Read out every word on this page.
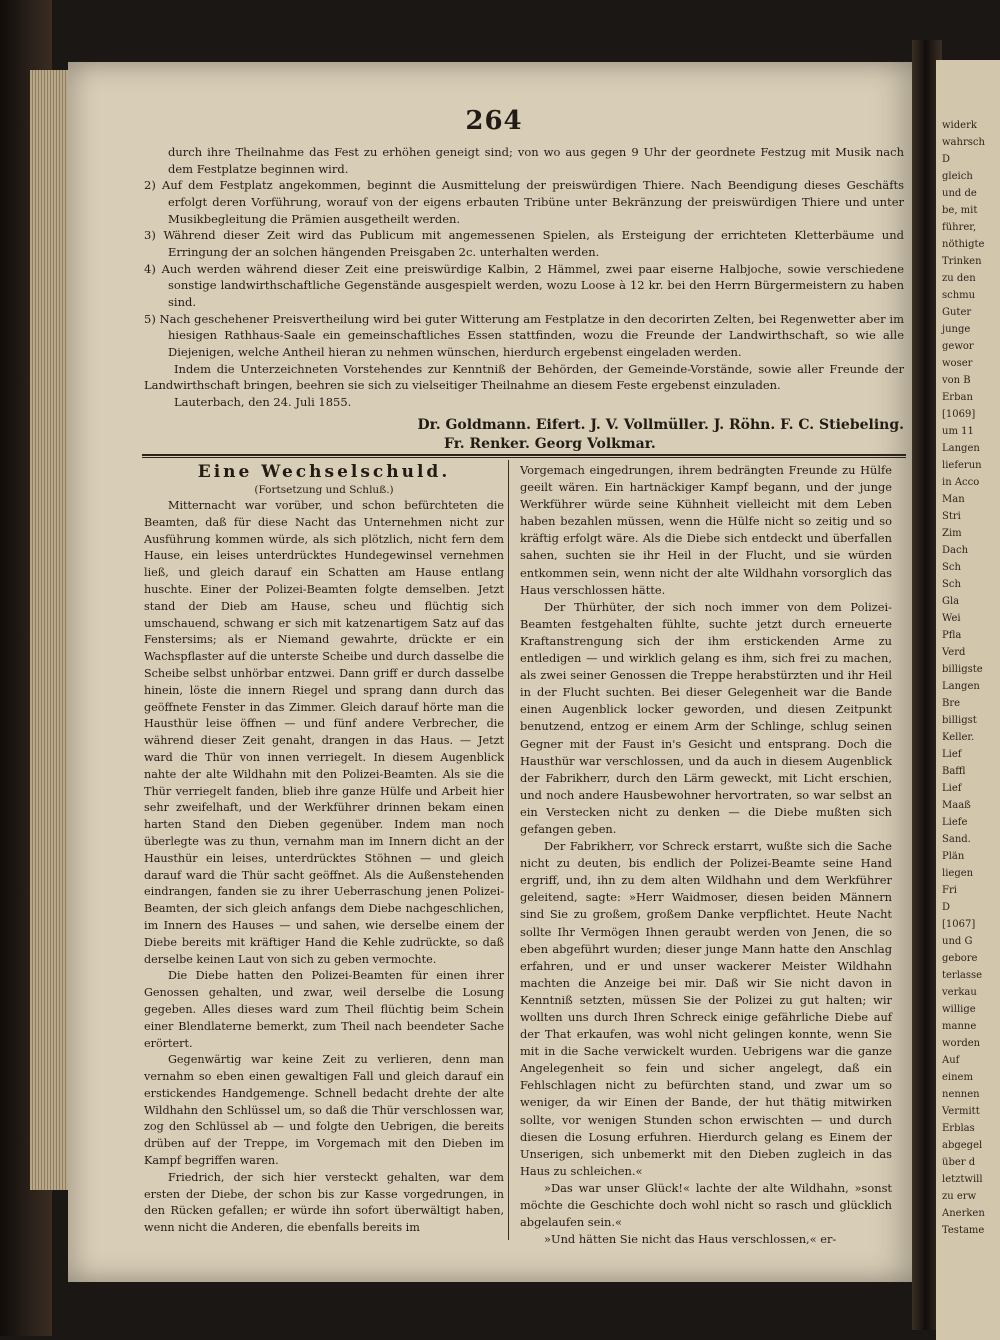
264

durch ihre Theilnahme das Fest zu erhöhen geneigt sind; von wo aus gegen 9 Uhr der geordnete Festzug mit Musik nach dem Festplatze beginnen wird.

2) Auf dem Festplatz angekommen, beginnt die Ausmittelung der preiswürdigen Thiere. Nach Beendigung dieses Geschäfts erfolgt deren Vorführung, worauf von der eigens erbauten Tribüne unter Bekränzung der preiswürdigen Thiere und unter Musikbegleitung die Prämien ausgetheilt werden.

3) Während dieser Zeit wird das Publicum mit angemessenen Spielen, als Ersteigung der errichteten Kletterbäume und Erringung der an solchen hängenden Preisgaben 2c. unterhalten werden.

4) Auch werden während dieser Zeit eine preiswürdige Kalbin, 2 Hämmel, zwei paar eiserne Halbjoche, sowie verschiedene sonstige landwirthschaftliche Gegenstände ausgespielt werden, wozu Loose à 12 kr. bei den Herrn Bürgermeistern zu haben sind.

5) Nach geschehener Preisvertheilung wird bei guter Witterung am Festplatze in den decorirten Zelten, bei Regenwetter aber im hiesigen Rathhaus-Saale ein gemeinschaftliches Essen stattfinden, wozu die Freunde der Landwirthschaft, so wie alle Diejenigen, welche Antheil hieran zu nehmen wünschen, hierdurch ergebenst eingeladen werden.

Indem die Unterzeichneten Vorstehendes zur Kenntniß der Behörden, der Gemeinde-Vorstände, sowie aller Freunde der Landwirthschaft bringen, beehren sie sich zu vielseitiger Theilnahme an diesem Feste ergebenst einzuladen.

Lauterbach, den 24. Juli 1855.

Dr. Goldmann. Eifert. J. V. Vollmüller. J. Röhn. F. C. Stiebeling.
Fr. Renker. Georg Volkmar.
Eine Wechselschuld.
(Fortsetzung und Schluß.)

Mitternacht war vorüber, und schon befürchteten die Beamten, daß für diese Nacht das Unternehmen nicht zur Ausführung kommen würde, als sich plötzlich, nicht fern dem Hause, ein leises unterdrücktes Hundegewinsel vernehmen ließ, und gleich darauf ein Schatten am Hause entlang huschte. Einer der Polizei-Beamten folgte demselben. Jetzt stand der Dieb am Hause, scheu und flüchtig sich umschauend, schwang er sich mit katzenartigem Satz auf das Fenstersims; als er Niemand gewahrte, drückte er ein Wachspflaster auf die unterste Scheibe und durch dasselbe die Scheibe selbst unhörbar entzwei. Dann griff er durch dasselbe hinein, löste die innern Riegel und sprang dann durch das geöffnete Fenster in das Zimmer. Gleich darauf hörte man die Hausthür leise öffnen — und fünf andere Verbrecher, die während dieser Zeit genaht, drangen in das Haus. — Jetzt ward die Thür von innen verriegelt. In diesem Augenblick nahte der alte Wildhahn mit den Polizei-Beamten. Als sie die Thür verriegelt fanden, blieb ihre ganze Hülfe und Arbeit hier sehr zweifelhaft, und der Werkführer drinnen bekam einen harten Stand den Dieben gegenüber. Indem man noch überlegte was zu thun, vernahm man im Innern dicht an der Hausthür ein leises, unterdrücktes Stöhnen — und gleich darauf ward die Thür sacht geöffnet. Als die Außenstehenden eindrangen, fanden sie zu ihrer Ueberraschung jenen Polizei-Beamten, der sich gleich anfangs dem Diebe nachgeschlichen, im Innern des Hauses — und sahen, wie derselbe einem der Diebe bereits mit kräftiger Hand die Kehle zudrückte, so daß derselbe keinen Laut von sich zu geben vermochte.

Die Diebe hatten den Polizei-Beamten für einen ihrer Genossen gehalten, und zwar, weil derselbe die Losung gegeben. Alles dieses ward zum Theil flüchtig beim Schein einer Blendlaterne bemerkt, zum Theil nach beendeter Sache erörtert.

Gegenwärtig war keine Zeit zu verlieren, denn man vernahm so eben einen gewaltigen Fall und gleich darauf ein erstickendes Handgemenge. Schnell bedacht drehte der alte Wildhahn den Schlüssel um, so daß die Thür verschlossen war, zog den Schlüssel ab — und folgte den Uebrigen, die bereits drüben auf der Treppe, im Vorgemach mit den Dieben im Kampf begriffen waren.

Friedrich, der sich hier versteckt gehalten, war dem ersten der Diebe, der schon bis zur Kasse vorgedrungen, in den Rücken gefallen; er würde ihn sofort überwältigt haben, wenn nicht die Anderen, die ebenfalls bereits im

Vorgemach eingedrungen, ihrem bedrängten Freunde zu Hülfe geeilt wären. Ein hartnäckiger Kampf begann, und der junge Werkführer würde seine Kühnheit vielleicht mit dem Leben haben bezahlen müssen, wenn die Hülfe nicht so zeitig und so kräftig erfolgt wäre. Als die Diebe sich entdeckt und überfallen sahen, suchten sie ihr Heil in der Flucht, und sie würden entkommen sein, wenn nicht der alte Wildhahn vorsorglich das Haus verschlossen hätte.

Der Thürhüter, der sich noch immer von dem Polizei-Beamten festgehalten fühlte, suchte jetzt durch erneuerte Kraftanstrengung sich der ihm erstickenden Arme zu entledigen — und wirklich gelang es ihm, sich frei zu machen, als zwei seiner Genossen die Treppe herabstürzten und ihr Heil in der Flucht suchten. Bei dieser Gelegenheit war die Bande einen Augenblick locker geworden, und diesen Zeitpunkt benutzend, entzog er einem Arm der Schlinge, schlug seinen Gegner mit der Faust in's Gesicht und entsprang. Doch die Hausthür war verschlossen, und da auch in diesem Augenblick der Fabrikherr, durch den Lärm geweckt, mit Licht erschien, und noch andere Hausbewohner hervortraten, so war selbst an ein Verstecken nicht zu denken — die Diebe mußten sich gefangen geben.

Der Fabrikherr, vor Schreck erstarrt, wußte sich die Sache nicht zu deuten, bis endlich der Polizei-Beamte seine Hand ergriff, und, ihn zu dem alten Wildhahn und dem Werkführer geleitend, sagte: »Herr Waidmoser, diesen beiden Männern sind Sie zu großem, großem Danke verpflichtet. Heute Nacht sollte Ihr Vermögen Ihnen geraubt werden von Jenen, die so eben abgeführt wurden; dieser junge Mann hatte den Anschlag erfahren, und er und unser wackerer Meister Wildhahn machten die Anzeige bei mir. Daß wir Sie nicht davon in Kenntniß setzten, müssen Sie der Polizei zu gut halten; wir wollten uns durch Ihren Schreck einige gefährliche Diebe auf der That erkaufen, was wohl nicht gelingen konnte, wenn Sie mit in die Sache verwickelt wurden. Uebrigens war die ganze Angelegenheit so fein und sicher angelegt, daß ein Fehlschlagen nicht zu befürchten stand, und zwar um so weniger, da wir Einen der Bande, der hut thätig mitwirken sollte, vor wenigen Stunden schon erwischten — und durch diesen die Losung erfuhren. Hierdurch gelang es Einem der Unserigen, sich unbemerkt mit den Dieben zugleich in das Haus zu schleichen.«

»Das war unser Glück!« lachte der alte Wildhahn, »sonst möchte die Geschichte doch wohl nicht so rasch und glücklich abgelaufen sein.«

»Und hätten Sie nicht das Haus verschlossen,« er-

widerk
wahrsch
D
gleich
und de
be, mit
führer,
nöthigte
Trinken
zu den
schmu
Guter
junge
gewor
woser
von B
Erban
[1069]
um 11
Langen
lieferun
in Acco
Man
Stri
Zim
Dach
Sch
Sch
Gla
Wei
Pfla
Verd
billigste
Langen
Bre
billigst
Keller.
Lief
Baffl
Lief
Maaß
Liefe
Sand.
Plän
liegen
Fri
D
[1067]
und G
gebore
terlasse
verkau
willige
manne
worden
Auf
einem
nennen
Vermitt
Erblas
abgegel
über d
letztwill
zu erw
Anerken
Testame
